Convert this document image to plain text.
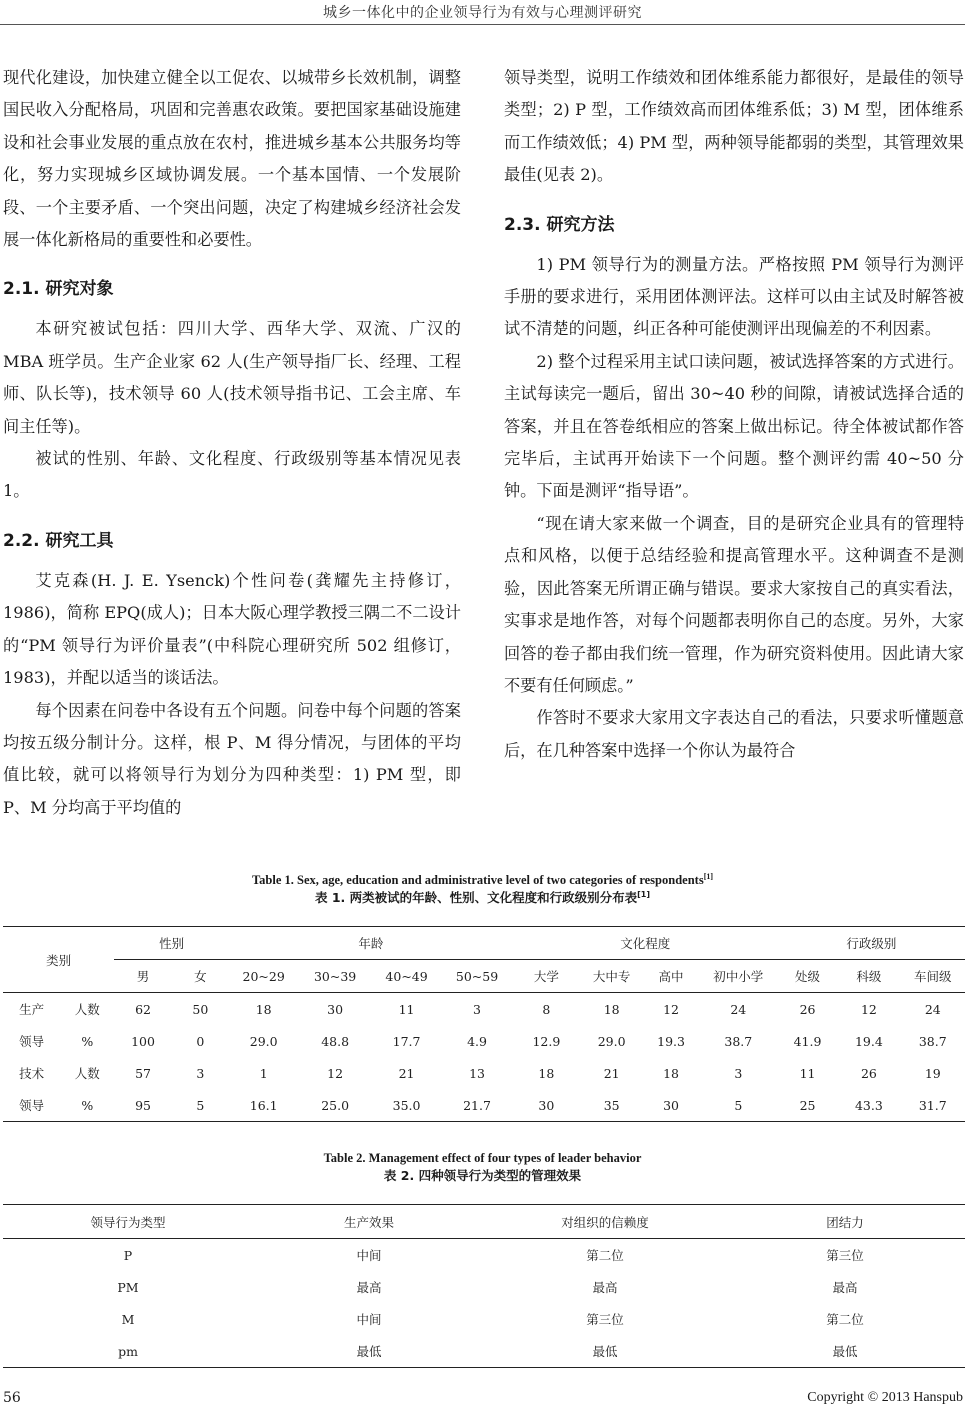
城乡一体化中的企业领导行为有效与心理测评研究

现代化建设，加快建立健全以工促农、以城带乡长效机制，调整国民收入分配格局，巩固和完善惠农政策。要把国家基础设施建设和社会事业发展的重点放在农村，推进城乡基本公共服务均等化，努力实现城乡区域协调发展。一个基本国情、一个发展阶段、一个主要矛盾、一个突出问题，决定了构建城乡经济社会发展一体化新格局的重要性和必要性。

2.1. 研究对象

本研究被试包括：四川大学、西华大学、双流、广汉的 MBA 班学员。生产企业家 62 人(生产领导指厂长、经理、工程师、队长等)，技术领导 60 人(技术领导指书记、工会主席、车间主任等)。

被试的性别、年龄、文化程度、行政级别等基本情况见表 1。

2.2. 研究工具

艾克森(H. J. E. Ysenck)个性问卷(龚耀先主持修订，1986)，简称 EPQ(成人)；日本大阪心理学教授三隅二不二设计的“PM 领导行为评价量表”(中科院心理研究所 502 组修订，1983)，并配以适当的谈话法。

每个因素在问卷中各设有五个问题。问卷中每个问题的答案均按五级分制计分。这样，根 P、M 得分情况，与团体的平均值比较，就可以将领导行为划分为四种类型：1) PM 型，即 P、M 分均高于平均值的

领导类型，说明工作绩效和团体维系能力都很好，是最佳的领导类型；2) P 型，工作绩效高而团体维系低；3) M 型，团体维系而工作绩效低；4) PM 型，两种领导能都弱的类型，其管理效果最佳(见表 2)。

2.3. 研究方法

1) PM 领导行为的测量方法。严格按照 PM 领导行为测评手册的要求进行，采用团体测评法。这样可以由主试及时解答被试不清楚的问题，纠正各种可能使测评出现偏差的不利因素。

2) 整个过程采用主试口读问题，被试选择答案的方式进行。主试每读完一题后，留出 30~40 秒的间隙，请被试选择合适的答案，并且在答卷纸相应的答案上做出标记。待全体被试都作答完毕后，主试再开始读下一个问题。整个测评约需 40~50 分钟。下面是测评“指导语”。

“现在请大家来做一个调查，目的是研究企业具有的管理特点和风格，以便于总结经验和提高管理水平。这种调查不是测验，因此答案无所谓正确与错误。要求大家按自己的真实看法，实事求是地作答，对每个问题都表明你自己的态度。另外，大家回答的卷子都由我们统一管理，作为研究资料使用。因此请大家不要有任何顾虑。”

作答时不要求大家用文字表达自己的看法，只要求听懂题意后，在几种答案中选择一个你认为最符合

Table 1. Sex, age, education and administrative level of two categories of respondents[1]
表 1. 两类被试的年龄、性别、文化程度和行政级别分布表[1]
类别		性别		年龄				文化程度				行政级别		
		男	女	20~29	30~39	40~49	50~59	大学	大中专	高中	初中小学	处级	科级	车间级
生产	人数	62	50	18	30	11	3	8	18	12	24	26	12	24
领导	%	100	0	29.0	48.8	17.7	4.9	12.9	29.0	19.3	38.7	41.9	19.4	38.7
技术	人数	57	3	1	12	21	13	18	21	18	3	11	26	19
领导	%	95	5	16.1	25.0	35.0	21.7	30	35	30	5	25	43.3	31.7
Table 2. Management effect of four types of leader behavior
表 2. 四种领导行为类型的管理效果
领导行为类型	生产效果	对组织的信赖度	团结力
P	中间	第二位	第三位
PM	最高	最高	最高
M	中间	第三位	第二位
pm	最低	最低	最低
56	Copyright © 2013 Hanspub
